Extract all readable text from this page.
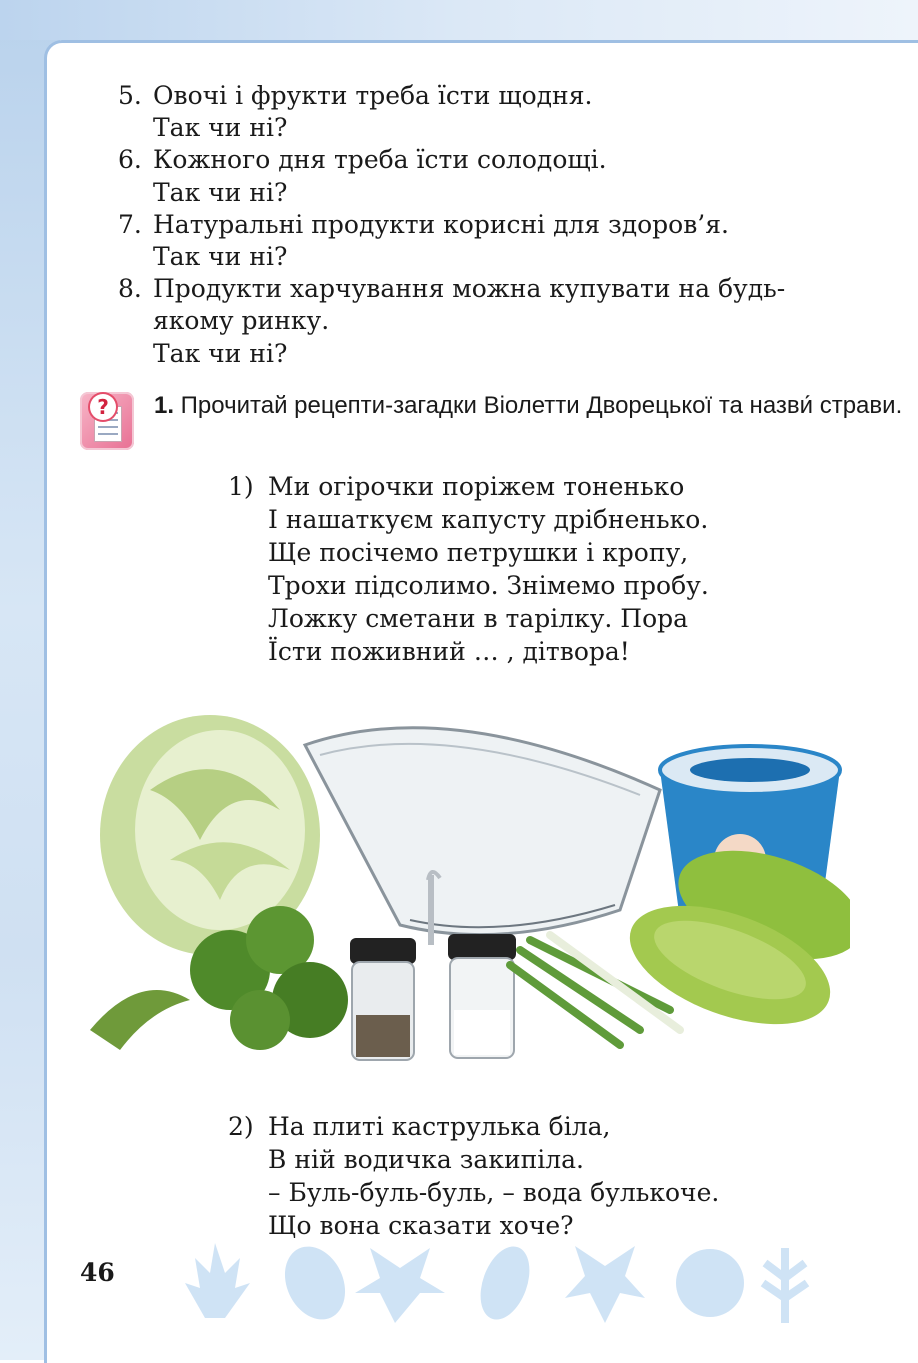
5. Овочі і фрукти треба їсти щодня.
Так чи ні?
6. Кожного дня треба їсти солодощі.
Так чи ні?
7. Натуральні продукти корисні для здоров’я.
Так чи ні?
8. Продукти харчування можна купувати на будь-
якому ринку.
Так чи ні?
?	1. Прочитай рецепти-загадки Віолетти Дворецької та назви́ страви.
1) Ми огірочки поріжем тоненько
І нашаткуєм капусту дрібненько.
Ще посічемо петрушки і кропу,
Трохи підсолимо. Знімемо пробу.
Ложку сметани в тарілку. Пора
Їсти поживний … , дітвора!
2) На плиті каструлька біла,
В ній водичка закипіла.
– Буль-буль-буль, – вода булькоче.
Що вона сказати хоче?
46
